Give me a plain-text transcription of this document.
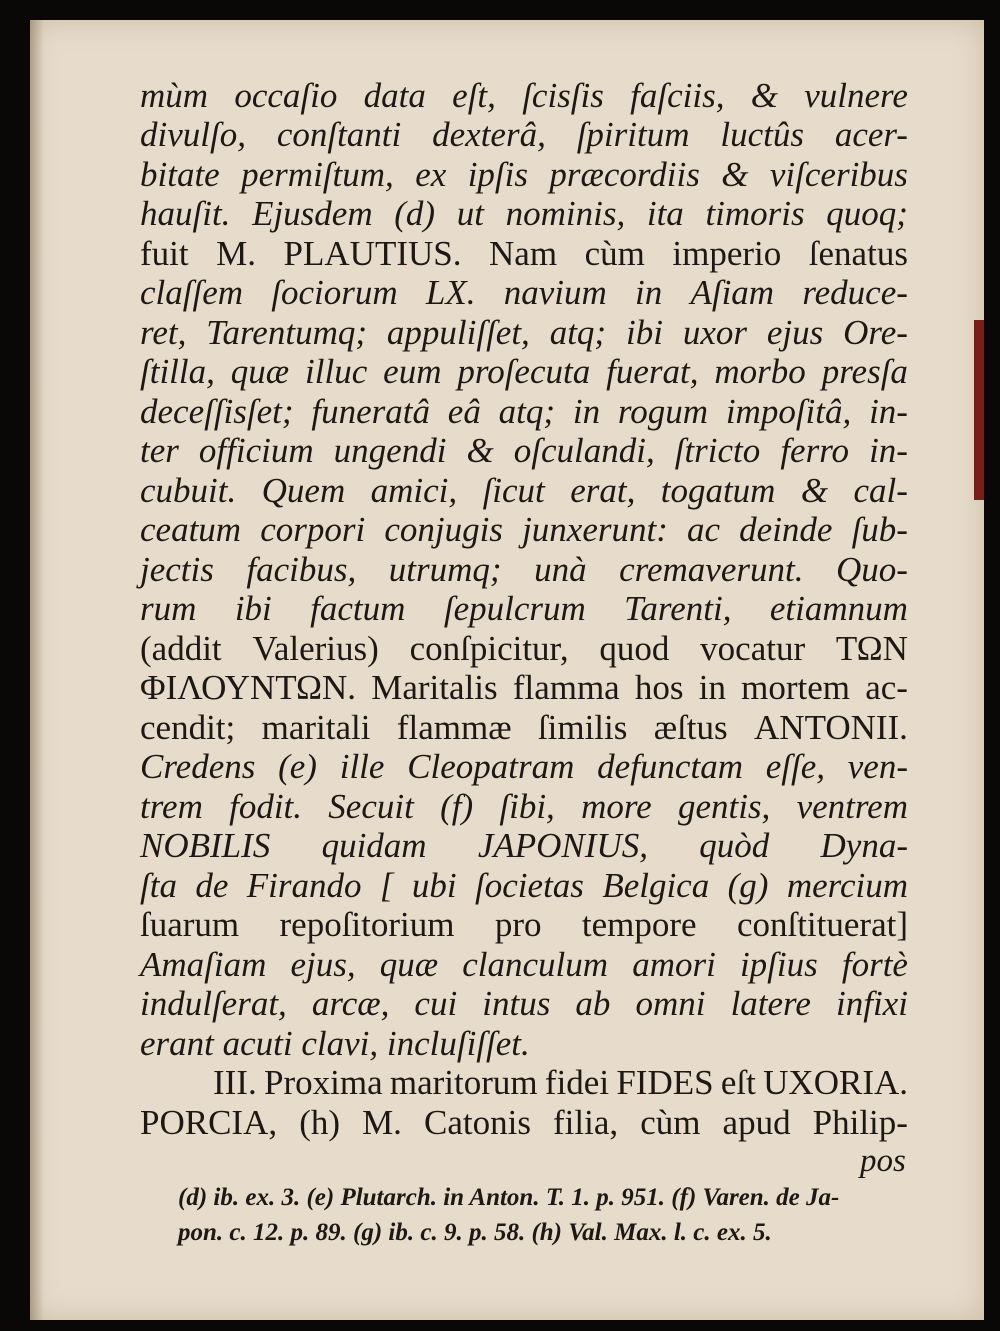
mùm occaſio data eſt, ſcisſis faſciis, & vulnere
divulſo, conſtanti dexterâ, ſpiritum luctûs acer-
bitate permiſtum, ex ipſis præcordiis & viſceribus
hauſit. Ejusdem (d) ut nominis, ita timoris quoq;
fuit M. PLAUTIUS. Nam cùm imperio ſenatus
claſſem ſociorum LX. navium in Aſiam reduce-
ret, Tarentumq; appuliſſet, atq; ibi uxor ejus Ore-
ſtilla, quæ illuc eum proſecuta fuerat, morbo presſa
deceſſisſet; funeratâ eâ atq; in rogum impoſitâ, in-
ter officium ungendi & oſculandi, ſtricto ferro in-
cubuit. Quem amici, ſicut erat, togatum & cal-
ceatum corpori conjugis junxerunt: ac deinde ſub-
jectis facibus, utrumq; unà cremaverunt. Quo-
rum ibi factum ſepulcrum Tarenti, etiamnum
(addit Valerius) conſpicitur, quod vocatur ΤΩΝ
ΦΙΛΟΥΝΤΩΝ. Maritalis flamma hos in mortem ac-
cendit; maritali flammæ ſimilis æſtus ANTONII.
Credens (e) ille Cleopatram defunctam eſſe, ven-
trem fodit. Secuit (f) ſibi, more gentis, ventrem
NOBILIS quidam JAPONIUS, quòd Dyna-
ſta de Firando [ ubi ſocietas Belgica (g) mercium
ſuarum repoſitorium pro tempore conſtituerat]
Amaſiam ejus, quæ clanculum amori ipſius fortè
indulſerat, arcæ, cui intus ab omni latere infixi
erant acuti clavi, incluſiſſet.
III. Proxima maritorum fidei FIDES eſt UXORIA.
PORCIA, (h) M. Catonis filia, cùm apud Philip-
pos
(d) ib. ex. 3. (e) Plutarch. in Anton. T. 1. p. 951. (f) Varen. de Ja-
pon. c. 12. p. 89. (g) ib. c. 9. p. 58. (h) Val. Max. l. c. ex. 5.
